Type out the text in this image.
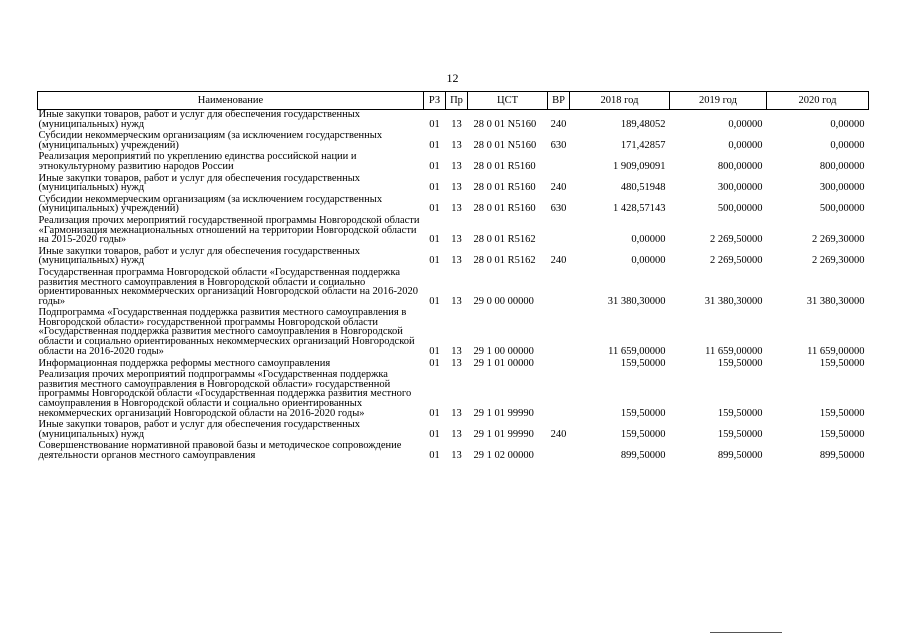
12
Наименование	РЗ	Пр	ЦСТ	ВР	2018 год	2019 год	2020 год
Иные закупки товаров, работ и услуг для обеспечения государственных (муниципальных) нужд	01	13	28 0 01 N5160	240	189,48052	0,00000	0,00000
Субсидии некоммерческим организациям (за исключением государственных (муниципальных) учреждений)	01	13	28 0 01 N5160	630	171,42857	0,00000	0,00000
Реализация мероприятий по укреплению единства российской нации и этнокультурному развитию народов России	01	13	28 0 01 R5160		1 909,09091	800,00000	800,00000
Иные закупки товаров, работ и услуг для обеспечения государственных (муниципальных) нужд	01	13	28 0 01 R5160	240	480,51948	300,00000	300,00000
Субсидии некоммерческим организациям (за исключением государственных (муниципальных) учреждений)	01	13	28 0 01 R5160	630	1 428,57143	500,00000	500,00000
Реализация прочих мероприятий государственной программы Новгородской области «Гармонизация межнациональных отношений на территории Новгородской области на 2015-2020 годы»	01	13	28 0 01 R5162		0,00000	2 269,50000	2 269,30000
Иные закупки товаров, работ и услуг для обеспечения государственных (муниципальных) нужд	01	13	28 0 01 R5162	240	0,00000	2 269,50000	2 269,30000
Государственная программа Новгородской области «Государственная поддержка развития местного самоуправления в Новгородской области и социально ориентированных некоммерческих организаций Новгородской области на 2016-2020 годы»	01	13	29 0 00 00000		31 380,30000	31 380,30000	31 380,30000
Подпрограмма «Государственная поддержка развития местного самоуправления в Новгородской области» государственной программы Новгородской области «Государственная поддержка развития местного самоуправления в Новгородской области и социально ориентированных некоммерческих организаций Новгородской области на 2016-2020 годы»	01	13	29 1 00 00000		11 659,00000	11 659,00000	11 659,00000
Информационная поддержка реформы местного самоуправления	01	13	29 1 01 00000		159,50000	159,50000	159,50000
Реализация прочих мероприятий подпрограммы «Государственная поддержка развития местного самоуправления в Новгородской области» государственной программы Новгородской области «Государственная поддержка развития местного самоуправления в Новгородской области и социально ориентированных некоммерческих организаций Новгородской области на 2016-2020 годы»	01	13	29 1 01 99990		159,50000	159,50000	159,50000
Иные закупки товаров, работ и услуг для обеспечения государственных (муниципальных) нужд	01	13	29 1 01 99990	240	159,50000	159,50000	159,50000
Совершенствование нормативной правовой базы и методическое сопровождение деятельности органов местного самоуправления	01	13	29 1 02 00000		899,50000	899,50000	899,50000
